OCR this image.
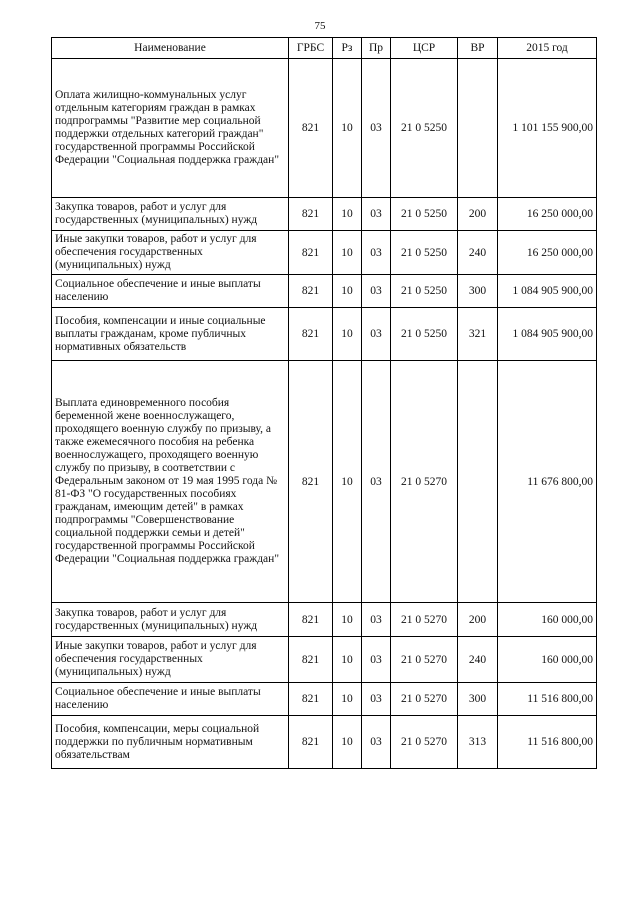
75
Наименование	ГРБС	Рз	Пр	ЦСР	ВР	2015 год
Оплата жилищно-коммунальных услуг отдельным категориям граждан в рамках подпрограммы "Развитие мер социальной поддержки отдельных категорий граждан" государственной программы Российской Федерации "Социальная поддержка граждан"	821	10	03	21 0 5250		1 101 155 900,00
Закупка товаров, работ и услуг для государственных (муниципальных) нужд	821	10	03	21 0 5250	200	16 250 000,00
Иные закупки товаров, работ и услуг для обеспечения государственных (муниципальных) нужд	821	10	03	21 0 5250	240	16 250 000,00
Социальное обеспечение и иные выплаты населению	821	10	03	21 0 5250	300	1 084 905 900,00
Пособия, компенсации и иные социальные выплаты гражданам, кроме публичных нормативных обязательств	821	10	03	21 0 5250	321	1 084 905 900,00
Выплата единовременного пособия беременной жене военнослужащего, проходящего военную службу по призыву, а также ежемесячного пособия на ребенка военнослужащего, проходящего военную службу по призыву, в соответствии с Федеральным законом от 19 мая 1995 года № 81-ФЗ "О государственных пособиях гражданам, имеющим детей" в рамках подпрограммы "Совершенствование социальной поддержки семьи и детей" государственной программы Российской Федерации "Социальная поддержка граждан"	821	10	03	21 0 5270		11 676 800,00
Закупка товаров, работ и услуг для государственных (муниципальных) нужд	821	10	03	21 0 5270	200	160 000,00
Иные закупки товаров, работ и услуг для обеспечения государственных (муниципальных) нужд	821	10	03	21 0 5270	240	160 000,00
Социальное обеспечение и иные выплаты населению	821	10	03	21 0 5270	300	11 516 800,00
Пособия, компенсации, меры социальной поддержки по публичным нормативным обязательствам	821	10	03	21 0 5270	313	11 516 800,00
